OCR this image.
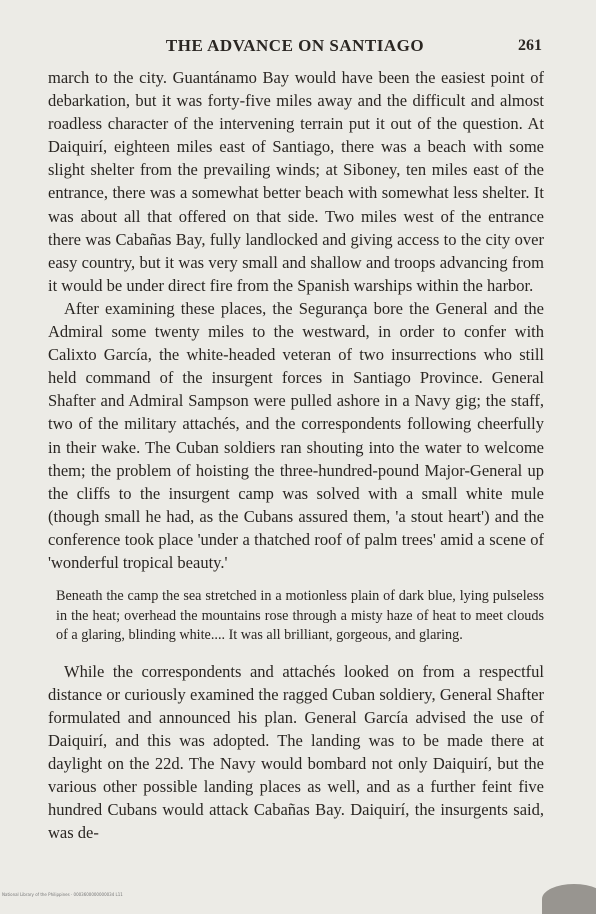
THE ADVANCE ON SANTIAGO	261

march to the city. Guantánamo Bay would have been the easiest point of debarkation, but it was forty-five miles away and the difficult and almost roadless character of the intervening terrain put it out of the question. At Daiquirí, eighteen miles east of Santiago, there was a beach with some slight shelter from the prevailing winds; at Siboney, ten miles east of the entrance, there was a somewhat better beach with somewhat less shelter. It was about all that offered on that side. Two miles west of the entrance there was Cabañas Bay, fully landlocked and giving access to the city over easy country, but it was very small and shallow and troops advancing from it would be under direct fire from the Spanish warships within the harbor.

After examining these places, the Segurança bore the General and the Admiral some twenty miles to the westward, in order to confer with Calixto García, the white-headed veteran of two insurrections who still held command of the insurgent forces in Santiago Province. General Shafter and Admiral Sampson were pulled ashore in a Navy gig; the staff, two of the military attachés, and the correspondents following cheerfully in their wake. The Cuban soldiers ran shouting into the water to welcome them; the problem of hoisting the three-hundred-pound Major-General up the cliffs to the insurgent camp was solved with a small white mule (though small he had, as the Cubans assured them, 'a stout heart') and the conference took place 'under a thatched roof of palm trees' amid a scene of 'wonderful tropical beauty.'

Beneath the camp the sea stretched in a motionless plain of dark blue, lying pulseless in the heat; overhead the mountains rose through a misty haze of heat to meet clouds of a glaring, blinding white.... It was all brilliant, gorgeous, and glaring.

While the correspondents and attachés looked on from a respectful distance or curiously examined the ragged Cuban soldiery, General Shafter formulated and announced his plan. General García advised the use of Daiquirí, and this was adopted. The landing was to be made there at daylight on the 22d. The Navy would bombard not only Daiquirí, but the various other possible landing places as well, and as a further feint five hundred Cubans would attack Cabañas Bay. Daiquirí, the insurgents said, was de-

National Library of the Philippines · 0003600000000034 L11
